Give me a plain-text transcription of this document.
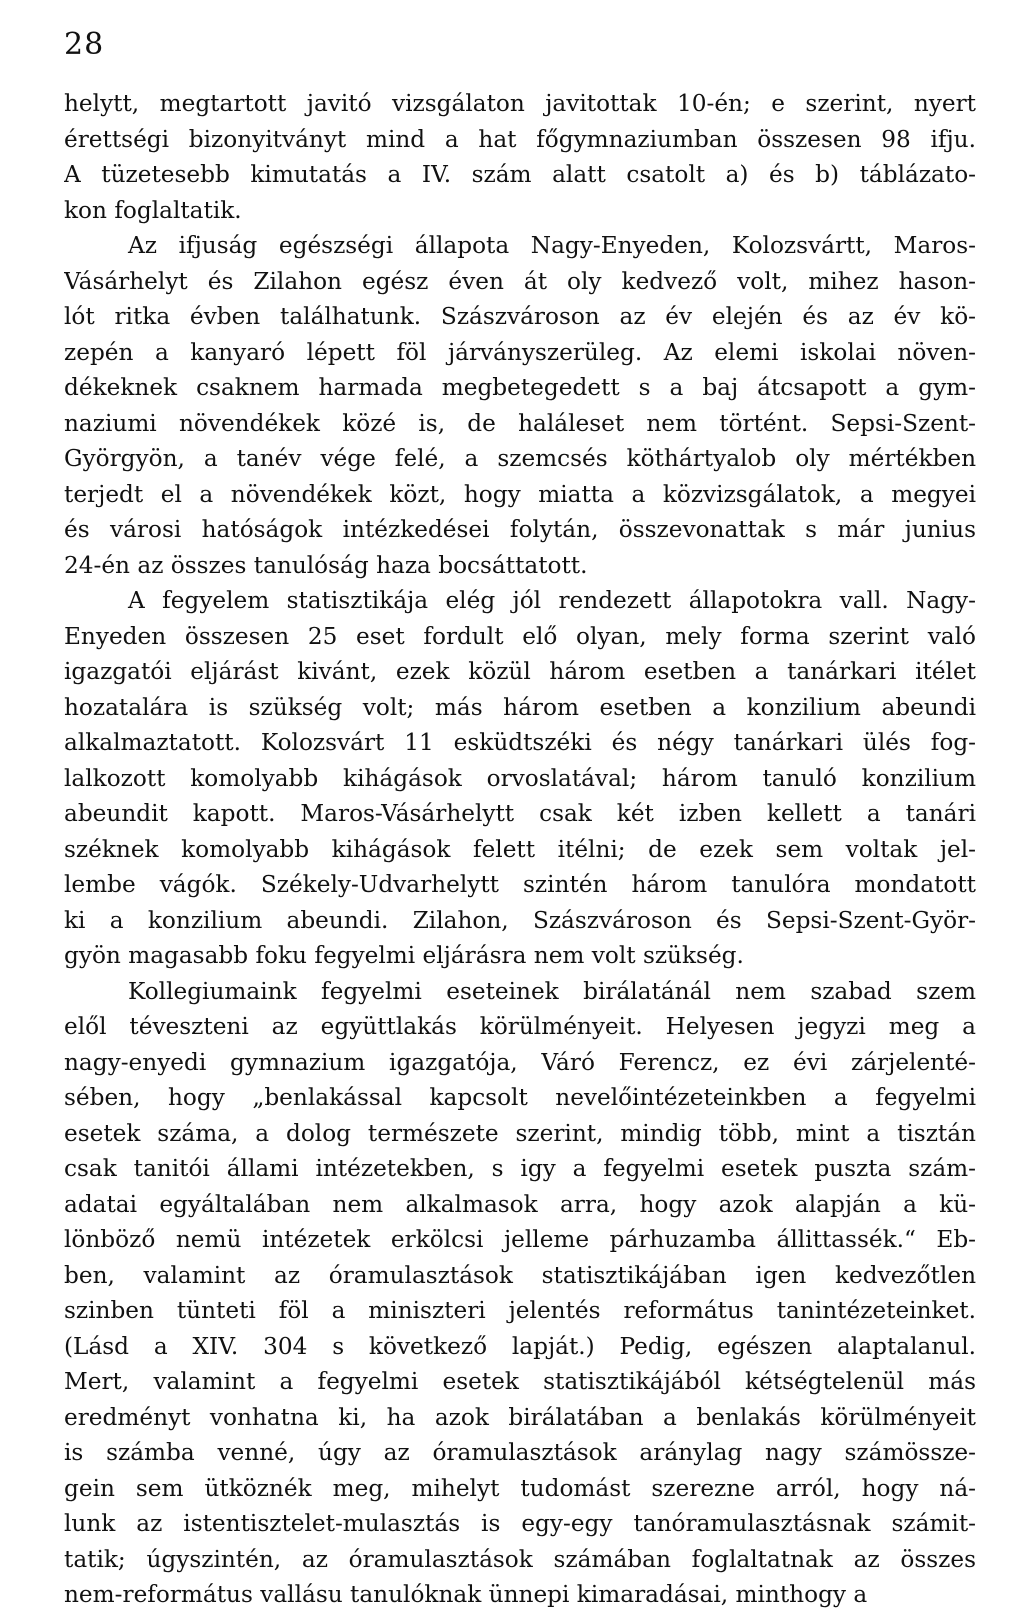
28
helytt, megtartott javitó vizsgálaton javitottak 10-én; e szerint, nyert
érettségi bizonyitványt mind a hat főgymnaziumban összesen 98 ifju.
A tüzetesebb kimutatás a IV. szám alatt csatolt a) és b) táblázato-
kon foglaltatik.
Az ifjuság egészségi állapota Nagy-Enyeden, Kolozsvártt, Maros-
Vásárhelyt és Zilahon egész éven át oly kedvező volt, mihez hason-
lót ritka évben találhatunk. Szászvároson az év elején és az év kö-
zepén a kanyaró lépett föl járványszerüleg. Az elemi iskolai növen-
dékeknek csaknem harmada megbetegedett s a baj átcsapott a gym-
naziumi növendékek közé is, de haláleset nem történt. Sepsi-Szent-
Györgyön, a tanév vége felé, a szemcsés köthártyalob oly mértékben
terjedt el a növendékek közt, hogy miatta a közvizsgálatok, a megyei
és városi hatóságok intézkedései folytán, összevonattak s már junius
24-én az összes tanulóság haza bocsáttatott.
A fegyelem statisztikája elég jól rendezett állapotokra vall. Nagy-
Enyeden összesen 25 eset fordult elő olyan, mely forma szerint való
igazgatói eljárást kivánt, ezek közül három esetben a tanárkari itélet
hozatalára is szükség volt; más három esetben a konzilium abeundi
alkalmaztatott. Kolozsvárt 11 esküdtszéki és négy tanárkari ülés fog-
lalkozott komolyabb kihágások orvoslatával; három tanuló konzilium
abeundit kapott. Maros-Vásárhelytt csak két izben kellett a tanári
széknek komolyabb kihágások felett itélni; de ezek sem voltak jel-
lembe vágók. Székely-Udvarhelytt szintén három tanulóra mondatott
ki a konzilium abeundi. Zilahon, Szászvároson és Sepsi-Szent-Györ-
gyön magasabb foku fegyelmi eljárásra nem volt szükség.
Kollegiumaink fegyelmi eseteinek birálatánál nem szabad szem
elől téveszteni az együttlakás körülményeit. Helyesen jegyzi meg a
nagy-enyedi gymnazium igazgatója, Váró Ferencz, ez évi zárjelenté-
sében, hogy „benlakással kapcsolt nevelőintézeteinkben a fegyelmi
esetek száma, a dolog természete szerint, mindig több, mint a tisztán
csak tanitói állami intézetekben, s igy a fegyelmi esetek puszta szám-
adatai egyáltalában nem alkalmasok arra, hogy azok alapján a kü-
lönböző nemü intézetek erkölcsi jelleme párhuzamba állittassék.“ Eb-
ben, valamint az óramulasztások statisztikájában igen kedvezőtlen
szinben tünteti föl a miniszteri jelentés református tanintézeteinket.
(Lásd a XIV. 304 s következő lapját.) Pedig, egészen alaptalanul.
Mert, valamint a fegyelmi esetek statisztikájából kétségtelenül más
eredményt vonhatna ki, ha azok birálatában a benlakás körülményeit
is számba venné, úgy az óramulasztások aránylag nagy számössze-
gein sem ütköznék meg, mihelyt tudomást szerezne arról, hogy ná-
lunk az istentisztelet-mulasztás is egy-egy tanóramulasztásnak számit-
tatik; úgyszintén, az óramulasztások számában foglaltatnak az összes
nem-református vallásu tanulóknak ünnepi kimaradásai, minthogy a
